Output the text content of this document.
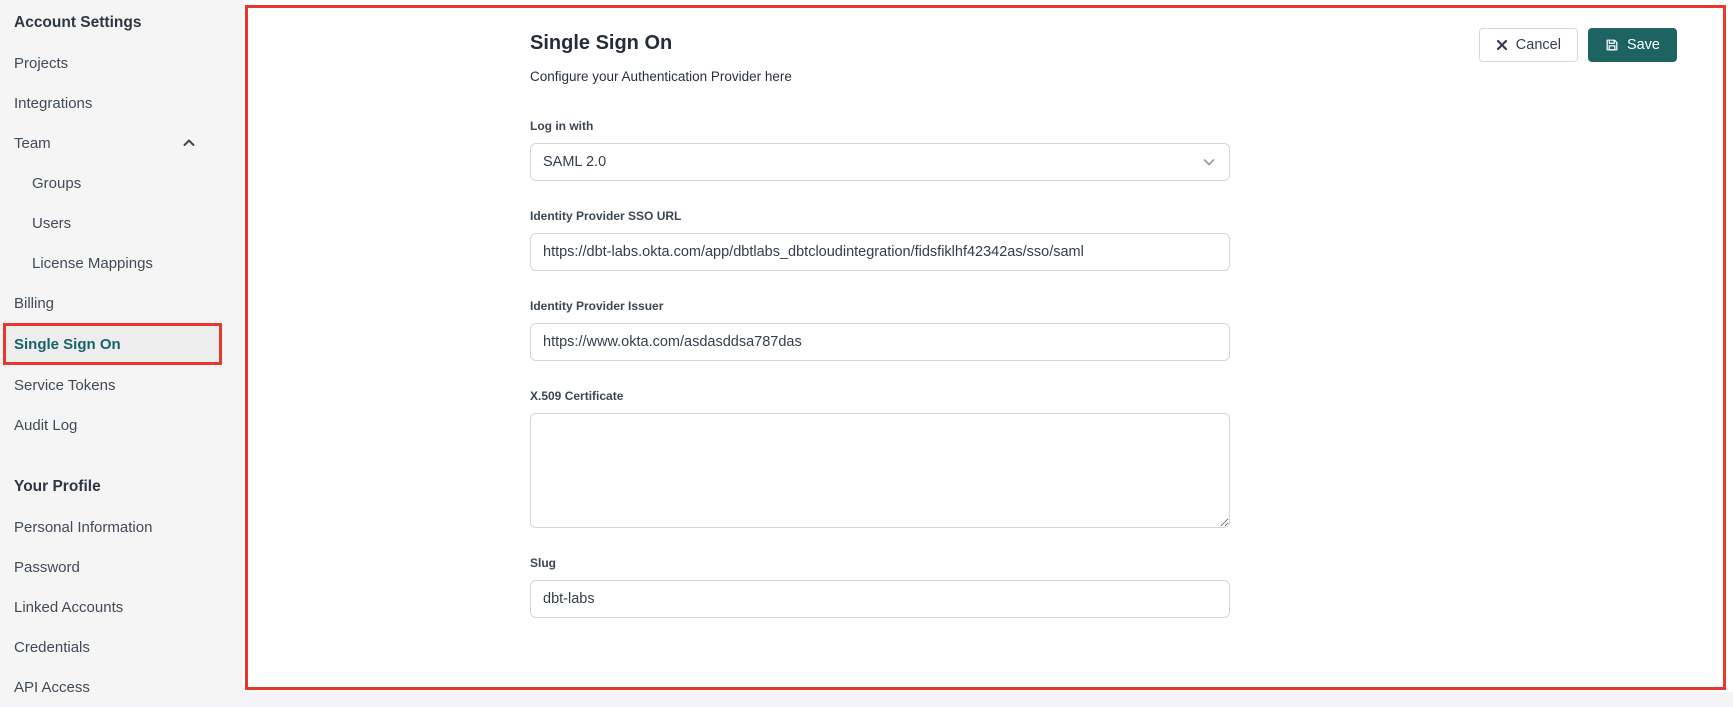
Account Settings
Projects
Integrations
Team
Groups
Users
License Mappings
Billing
Single Sign On
Service Tokens
Audit Log
Your Profile
Personal Information
Password
Linked Accounts
Credentials
API Access
Cancel	Save
Single Sign On

Configure your Authentication Provider here

Log in with
SAML 2.0
Identity Provider SSO URL
https://dbt-labs.okta.com/app/dbtlabs_dbtcloudintegration/fidsfiklhf42342as/sso/saml
Identity Provider Issuer
https://www.okta.com/asdasddsa787das
X.509 Certificate
Slug
dbt-labs
